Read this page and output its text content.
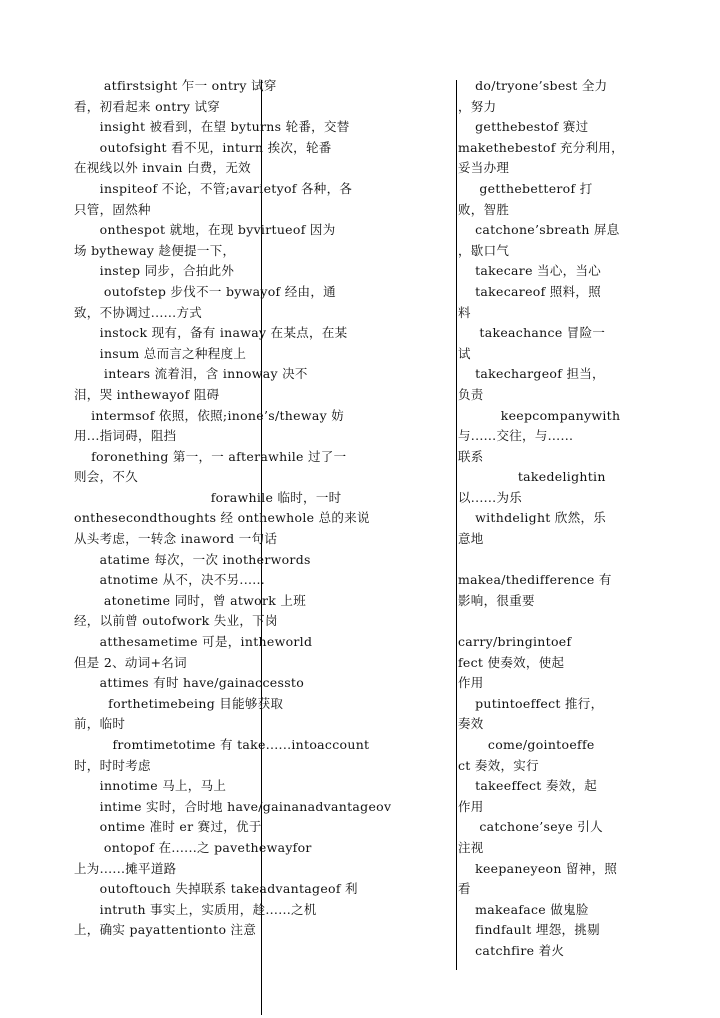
atfirstsight 乍一 ontry 试穿
看，初看起来 ontry 试穿
insight 被看到，在望 byturns 轮番，交替
outofsight 看不见，inturn 挨次，轮番
在视线以外 invain 白费，无效
inspiteof 不论，不管;avarietyof 各种，各
只管，固然种
onthespot 就地，在现 byvirtueof 因为
场 bytheway 趁便提一下，
instep 同步，合拍此外
outofstep 步伐不一 bywayof 经由，通
致，不协调过......方式
instock 现有，备有 inaway 在某点，在某
insum 总而言之种程度上
intears 流着泪，含 innoway 决不
泪，哭 inthewayof 阻碍
intermsof 依照，依照;inone’s/theway 妨
用...指词碍，阻挡
foronething 第一，一 afterawhile 过了一
则会，不久
forawhile 临时，一时
onthesecondthoughts 经 onthewhole 总的来说
从头考虑，一转念 inaword 一句话
atatime 每次，一次 inotherwords
atnotime 从不，决不另......
atonetime 同时，曾 atwork 上班
经，以前曾 outofwork 失业，下岗
atthesametime 可是，intheworld
但是 2、动词+名词
attimes 有时 have/gainaccessto
forthetimebeing 目能够获取
前，临时
fromtimetotime 有 take......intoaccount
时，时时考虑
innotime 马上，马上
intime 实时，合时地 have/gainanadvantageov
ontime 准时 er 赛过，优于
ontopof 在......之 pavethewayfor
上为......摊平道路
outoftouch 失掉联系 takeadvantageof 利
intruth 事实上，实质用，趁......之机
上，确实 payattentionto 注意
do/tryone’sbest 全力
，努力
getthebestof 赛过
makethebestof 充分利用，
妥当办理
getthebetterof 打
败，智胜
catchone’sbreath 屏息
，歇口气
takecare 当心，当心
takecareof 照料，照
料
takeachance 冒险一
试
takechargeof 担当，
负责
keepcompanywith
与......交往，与......
联系
takedelightin
以......为乐
withdelight 欣然，乐
意地
makea/thedifference 有
影响，很重要
carry/bringintoef
fect 使奏效，使起
作用
putintoeffect 推行，
奏效
come/gointoeffe
ct 奏效，实行
takeeffect 奏效，起
作用
catchone’seye 引人
注视
keepaneyeon 留神，照
看
makeaface 做鬼脸
findfault 埋怨，挑剔
catchfire 着火
